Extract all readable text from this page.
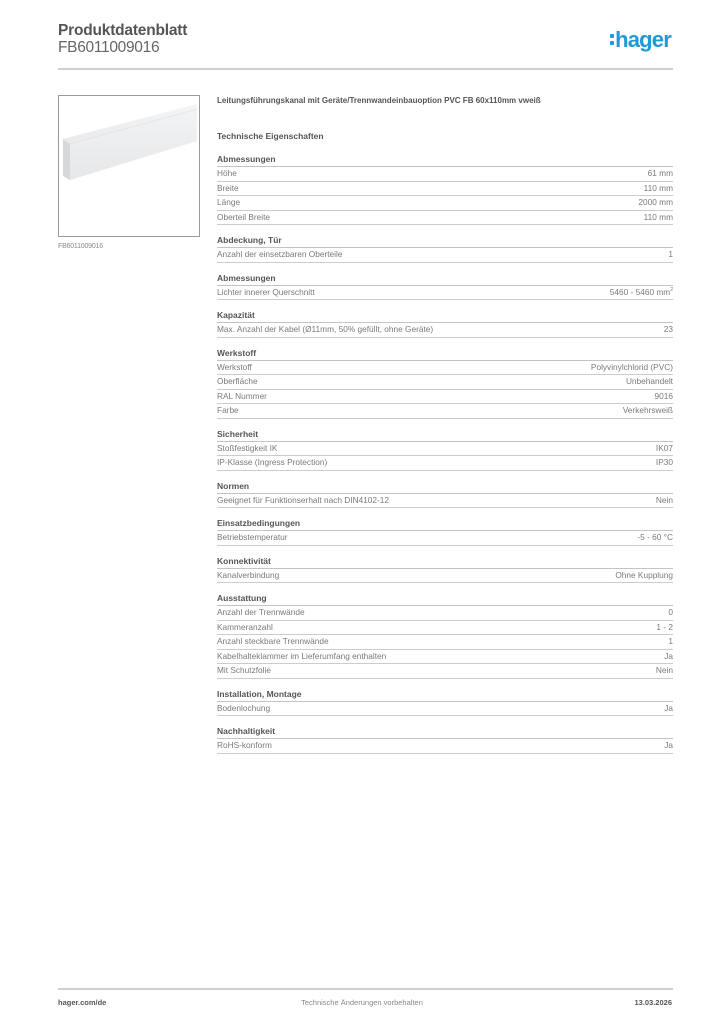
Produktdatenblatt
FB6011009016	hager
FB6011009016
Leitungsführungskanal mit Geräte/Trennwandeinbauoption PVC FB 60x110mm vweiß
Technische Eigenschaften
Abmessungen
Höhe	61 mm
Breite	110 mm
Länge	2000 mm
Oberteil Breite	110 mm
Abdeckung, Tür
Anzahl der einsetzbaren Oberteile	1
Abmessungen
Lichter innerer Querschnitt	5460 - 5460 $mm^2$
Kapazität
Max. Anzahl der Kabel (Ø11mm, 50% gefüllt, ohne Geräte)	23
Werkstoff
Werkstoff	Polyvinylchlorid (PVC)
Oberfläche	Unbehandelt
RAL Nummer	9016
Farbe	Verkehrsweiß
Sicherheit
Stoßfestigkeit IK	IK07
IP-Klasse (Ingress Protection)	IP30
Normen
Geeignet für Funktionserhalt nach DIN4102-12	Nein
Einsatzbedingungen
Betriebstemperatur	-5 - 60 °C
Konnektivität
Kanalverbindung	Ohne Kupplung
Ausstattung
Anzahl der Trennwände	0
Kammeranzahl	1 - 2
Anzahl steckbare Trennwände	1
Kabelhalteklammer im Lieferumfang enthalten	Ja
Mit Schutzfolie	Nein
Installation, Montage
Bodenlochung	Ja
Nachhaltigkeit
RoHS-konform	Ja
hager.com/de	Technische Änderungen vorbehalten	13.03.2026
